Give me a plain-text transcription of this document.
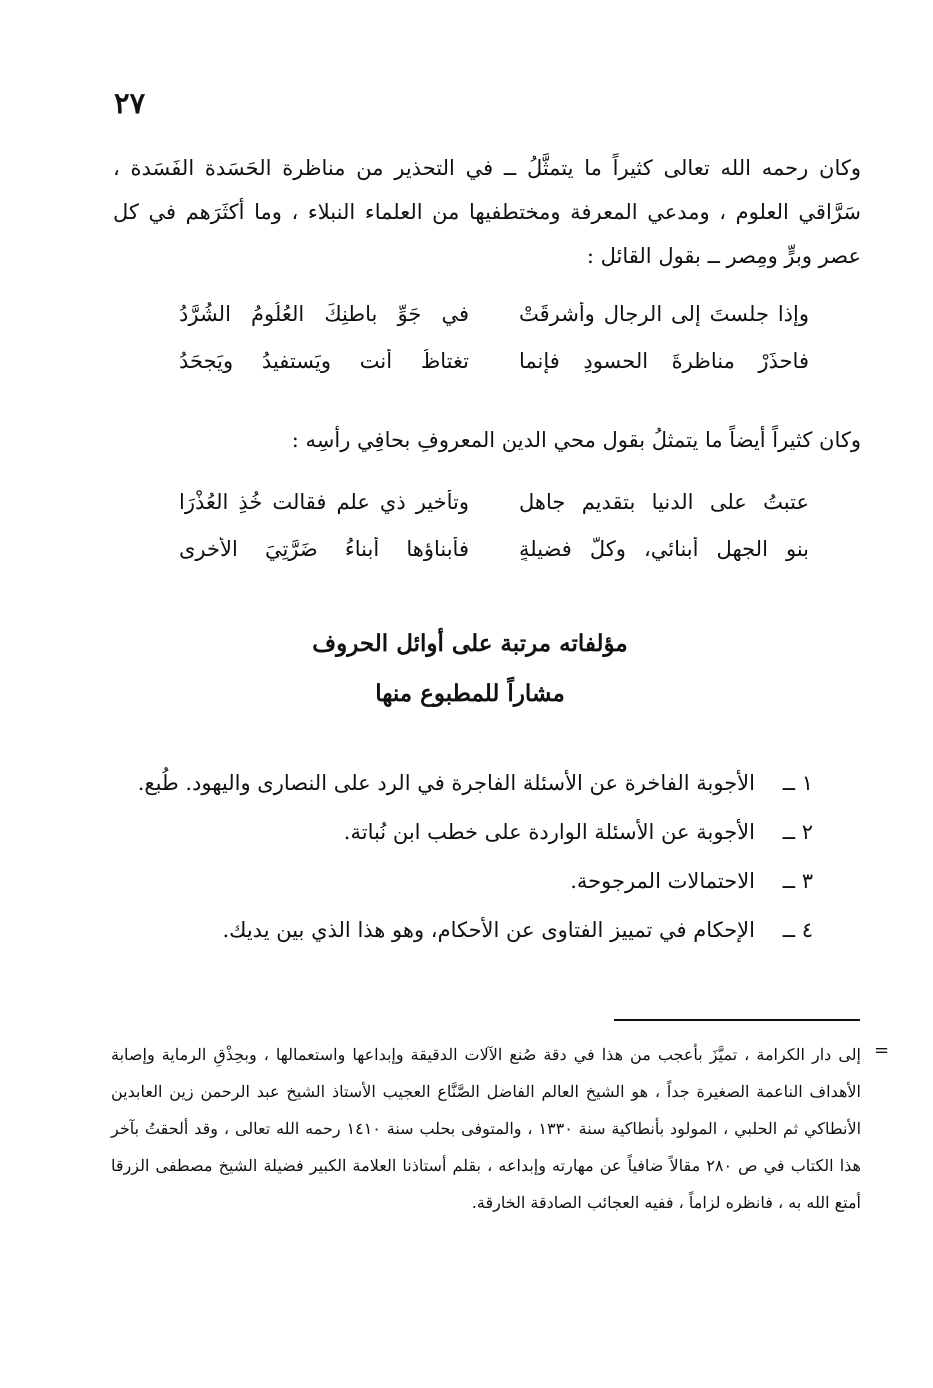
٢٧
وكان رحمه الله تعالى كثيراً ما يتمثَّلُ ــ في التحذير من مناظرة الحَسَدة الفَسَدة ، سَرَّاقي العلوم ، ومدعي المعرفة ومختطفيها من العلماء النبلاء ، وما أكثَرَهم في كل عصر وبرٍّ ومِصر ــ بقول القائل :
وإذا جلستَ إلى الرجالِ وأشرقَتْ
في جَوِّ باطنِكَ العُلُومُ الشُرَّدُ
فاحذَرْ مناظرةَ الحسودِ فإنما
تغتاظُ أنت ويَستفيدُ ويَجحَدُ
وكان كثيراً أيضاً ما يتمثلُ بقول محي الدين المعروفِ بحافِي رأسِه :
عتبتُ على الدنيا بتقديم جاهل
وتأخيرِ ذي علم فقالت خُذِ العُذْرَا
بنو الجهلِ أبنائي، وكلُّ فضيلةٍ
فأبناؤها أبناءُ ضَرَّتِيَ الأخرى
مؤلفاته مرتبة على أوائل الحروف
مشاراً للمطبوع منها
١ ــ
الأجوبة الفاخرة عن الأسئلة الفاجرة في الرد على النصارى واليهود. طُبع.
٢ ــ
الأجوبة عن الأسئلة الواردة على خطب ابن نُباتة.
٣ ــ
الاحتمالات المرجوحة.
٤ ــ
الإحكام في تمييز الفتاوى عن الأحكام، وهو هذا الذي بين يديك.
=
إلى دار الكرامة ، تميَّزَ بأعجب من هذا في دقة صُنع الآلات الدقيقة وإبداعها واستعمالها ، وبحِذْقِ الرماية وإصابة الأهداف الناعمة الصغيرة جداً ، هو الشيخ العالم الفاضل الصَّنَّاع العجيب الأستاذ الشيخ عبد الرحمن زين العابدين الأنطاكي ثم الحلبي ، المولود بأنطاكية سنة ١٣٣٠ ، والمتوفى بحلب سنة ١٤١٠ رحمه الله تعالى ، وقد ألحقتُ بآخر هذا الكتاب في ص ٢٨٠ مقالاً ضافياً عن مهارته وإبداعه ، بقلم أستاذنا العلامة الكبير فضيلة الشيخ مصطفى الزرقا أمتع الله به ، فانظره لزاماً ، ففيه العجائب الصادقة الخارقة.
